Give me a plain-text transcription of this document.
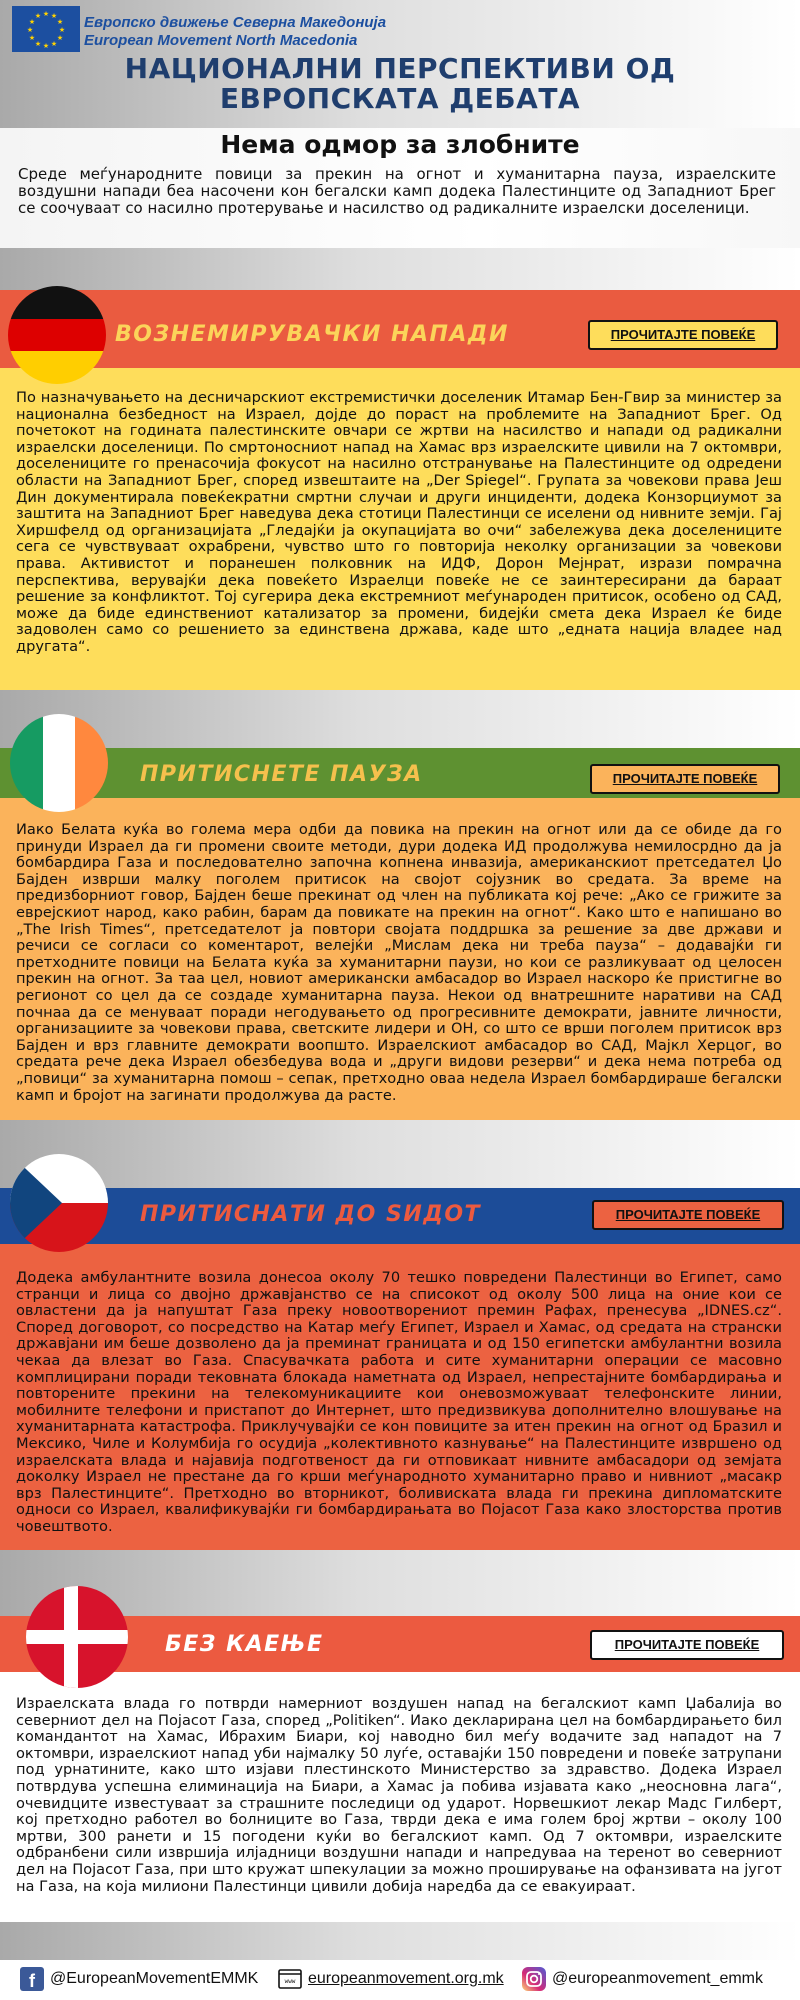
★ ★
★
★
★
★
★
★
★
★
★
★	Европско движење Северна Македонија
European Movement North Macedonia
НАЦИОНАЛНИ ПЕРСПЕКТИВИ ОД
ЕВРОПСКАТА ДЕБАТА
Нема одмор за злобните
Среде меѓународните повици за прекин на огнот и хуманитарна пауза, израелските воздушни напади беа насочени кон бегалски камп додека Палестинците од Западниот Брег се соочуваат со насилно протерување и насилство од радикалните израелски доселеници.
ВОЗНЕМИРУВАЧКИ НАПАДИ	ПРОЧИТАЈТЕ ПОВЕЌЕ
По назначувањето на десничарскиот екстремистички доселеник Итамар Бен-Гвир за министер за национална безбедност на Израел, дојде до пораст на проблемите на Западниот Брег. Од почетокот на годината палестинските овчари се жртви на насилство и напади од радикални израелски доселеници. По смртоносниот напад на Хамас врз израелските цивили на 7 октомври, доселениците го пренасочија фокусот на насилно отстранување на Палестинците од одредени области на Западниот Брег, според извештаите на „Der Spiegel“. Групата за човекови права Јеш Дин документирала повеќекратни смртни случаи и други инциденти, додека Конзорциумот за заштита на Западниот Брег наведува дека стотици Палестинци се иселени од нивните земји. Гај Хиршфелд од организацијата „Гледајќи ја окупацијата во очи“ забележува дека доселениците сега се чувствуваат охрабрени, чувство што го повторија неколку организации за човекови права. Активистот и поранешен полковник на ИДФ, Дорон Мејнрат, изрази помрачна перспектива, верувајќи дека повеќето Израелци повеќе не се заинтересирани да бараат решение за конфликтот. Тој сугерира дека екстремниот меѓународен притисок, особено од САД, може да биде единствениот катализатор за промени, бидејќи смета дека Израел ќе биде задоволен само со решението за единствена држава, каде што „едната нација владее над другата“.
ПРИТИСНЕТЕ ПАУЗА	ПРОЧИТАЈТЕ ПОВЕЌЕ
Иако Белата куќа во голема мера одби да повика на прекин на огнот или да се обиде да го принуди Израел да ги промени своите методи, дури додека ИД продолжува немилосрдно да ја бомбардира Газа и последователно започна копнена инвазија, американскиот претседател Џо Бајден изврши малку поголем притисок на својот сојузник во средата. За време на предизборниот говор, Бајден беше прекинат од член на публиката кој рече: „Ако се грижите за еврејскиот народ, како рабин, барам да повикате на прекин на огнот“. Како што е напишано во „The Irish Times“, претседателот ја повтори својата поддршка за решение за две држави и речиси се согласи со коментарот, велејќи „Мислам дека ни треба пауза“ – додавајќи ги претходните повици на Белата куќа за хуманитарни паузи, но кои се разликуваат од целосен прекин на огнот. За таа цел, новиот американски амбасадор во Израел наскоро ќе пристигне во регионот со цел да се создаде хуманитарна пауза. Некои од внатрешните наративи на САД почнаа да се менуваат поради негодувањето од прогресивните демократи, јавните личности, организациите за човекови права, светските лидери и ОН, со што се врши поголем притисок врз Бајден и врз главните демократи воопшто. Израелскиот амбасадор во САД, Мајкл Херцог, во средата рече дека Израел обезбедува вода и „други видови резерви“ и дека нема потреба од „повици“ за хуманитарна помош – сепак, претходно оваа недела Израел бомбардираше бегалски камп и бројот на загинати продолжува да расте.
ПРИТИСНАТИ ДО ЅИДОТ	ПРОЧИТАЈТЕ ПОВЕЌЕ
Додека амбулантните возила донесоа околу 70 тешко повредени Палестинци во Египет, само странци и лица со двојно државјанство се на списокот од околу 500 лица на оние кои се овластени да ја напуштат Газа преку новоотворениот премин Рафах, пренесува „IDNES.cz“. Според договорот, со посредство на Катар меѓу Египет, Израел и Хамас, од средата на странски државјани им беше дозволено да ја преминат границата и од 150 египетски амбулантни возила чекаа да влезат во Газа. Спасувачката работа и сите хуманитарни операции се масовно комплицирани поради тековната блокада наметната од Израел, непрестајните бомбардирања и повторените прекини на телекомуникациите кои оневозможуваат телефонските линии, мобилните телефони и пристапот до Интернет, што предизвикува дополнително влошување на хуманитарната катастрофа. Приклучувајќи се кон повиците за итен прекин на огнот од Бразил и Мексико, Чиле и Колумбија го осудија „колективното казнување“ на Палестинците извршено од израелската влада и најавија подготвеност да ги отповикаат нивните амбасадори од земјата доколку Израел не престане да го крши меѓународното хуманитарно право и нивниот „масакр врз Палестинците“. Претходно во вторникот, боливиската влада ги прекина дипломатските односи со Израел, квалификувајќи ги бомбардирањата во Појасот Газа како злосторства против човештвото.
БЕЗ КАЕЊЕ	ПРОЧИТАЈТЕ ПОВЕЌЕ
Израелската влада го потврди намерниот воздушен напад на бегалскиот камп Џабалија во северниот дел на Појасот Газа, според „Politiken“. Иако декларирана цел на бомбардирањето бил командантот на Хамас, Ибрахим Биари, кој наводно бил меѓу водачите зад нападот на 7 октомври, израелскиот напад уби најмалку 50 луѓе, оставајќи 150 повредени и повеќе затрупани под урнатините, како што изјави плестинското Министерство за здравство. Додека Израел потврдува успешна елиминација на Биари, а Хамас ја побива изјавата како „неосновна лага“, очевидците известуваат за страшните последици од ударот. Норвешкиот лекар Мадс Гилберт, кој претходно работел во болниците во Газа, тврди дека е има голем број жртви – околу 100 мртви, 300 ранети и 15 погодени куќи во бегалскиот камп. Од 7 октомври, израелските одбранбени сили извршија илјадници воздушни напади и напредуваа на теренот во северниот дел на Појасот Газа, при што кружат шпекулации за можно проширување на офанзивата на југот на Газа, на која милиони Палестинци цивили добија наредба да се евакуираат.
f @EuropeanMovementEMMK	www europeanmovement.org.mk	@europeanmovement_emmk
